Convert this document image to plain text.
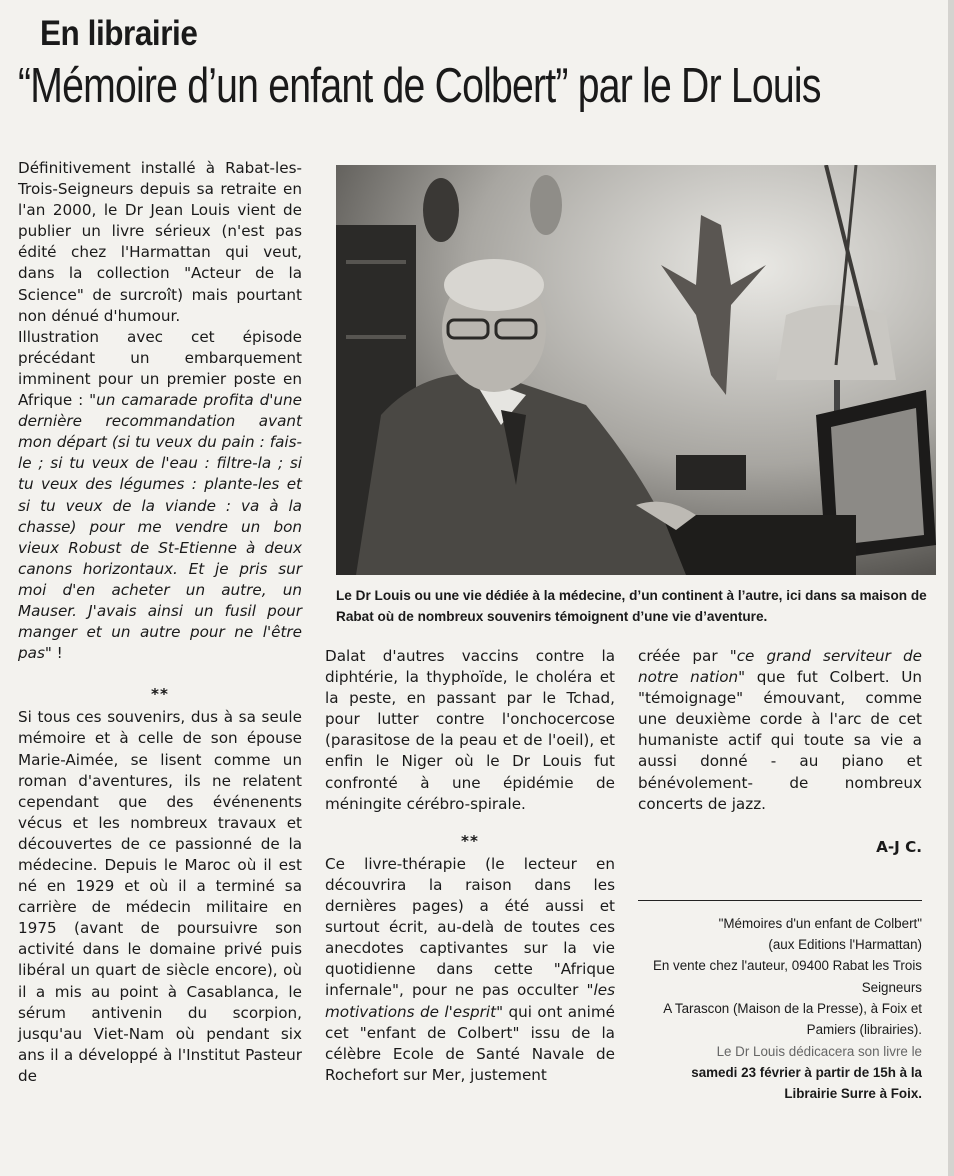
En librairie
“Mémoire d’un enfant de Colbert” par le Dr Louis

Définitivement installé à Rabat-les-Trois-Seigneurs depuis sa retraite en l'an 2000, le Dr Jean Louis vient de publier un livre sérieux (n'est pas édité chez l'Harmattan qui veut, dans la collection "Acteur de la Science" de surcroît) mais pourtant non dénué d'humour.

Illustration avec cet épisode précédant un embarquement imminent pour un premier poste en Afrique : "un camarade profita d'une dernière recommandation avant mon départ (si tu veux du pain : fais-le ; si tu veux de l'eau : filtre-la ; si tu veux des légumes : plante-les et si tu veux de la viande : va à la chasse) pour me vendre un bon vieux Robust de St-Etienne à deux canons horizontaux. Et je pris sur moi d'en acheter un autre, un Mauser. J'avais ainsi un fusil pour manger et un autre pour ne l'être pas" !

**

Si tous ces souvenirs, dus à sa seule mémoire et à celle de son épouse Marie-Aimée, se lisent comme un roman d'aventures, ils ne relatent cependant que des événenents vécus et les nombreux travaux et découvertes de ce passionné de la médecine. Depuis le Maroc où il est né en 1929 et où il a terminé sa carrière de médecin militaire en 1975 (avant de poursuivre son activité dans le domaine privé puis libéral un quart de siècle encore), où il a mis au point à Casablanca, le sérum antivenin du scorpion, jusqu'au Viet-Nam où pendant six ans il a développé à l'Institut Pasteur de

Le Dr Louis ou une vie dédiée à la médecine, d’un continent à l’autre, ici dans sa maison de Rabat où de nombreux souvenirs témoignent d’une vie d’aventure.

Dalat d'autres vaccins contre la diphtérie, la thyphoïde, le choléra et la peste, en passant par le Tchad, pour lutter contre l'onchocercose (parasitose de la peau et de l'oeil), et enfin le Niger où le Dr Louis fut confronté à une épidémie de méningite cérébro-spirale.

**

Ce livre-thérapie (le lecteur en découvrira la raison dans les dernières pages) a été aussi et surtout écrit, au-delà de toutes ces anecdotes captivantes sur la vie quotidienne dans cette "Afrique infernale", pour ne pas occulter "les motivations de l'esprit" qui ont animé cet "enfant de Colbert" issu de la célèbre Ecole de Santé Navale de Rochefort sur Mer, justement

créée par "ce grand serviteur de notre nation" que fut Colbert. Un "témoignage" émouvant, comme une deuxième corde à l'arc de cet humaniste actif qui toute sa vie a aussi donné - au piano et bénévolement- de nombreux concerts de jazz.

A-J C.

"Mémoires d'un enfant de Colbert"

(aux Editions l'Harmattan)

En vente chez l'auteur, 09400 Rabat les Trois Seigneurs

A Tarascon (Maison de la Presse), à Foix et Pamiers (librairies).

Le Dr Louis dédicacera son livre le

samedi 23 février à partir de 15h à la Librairie Surre à Foix.
